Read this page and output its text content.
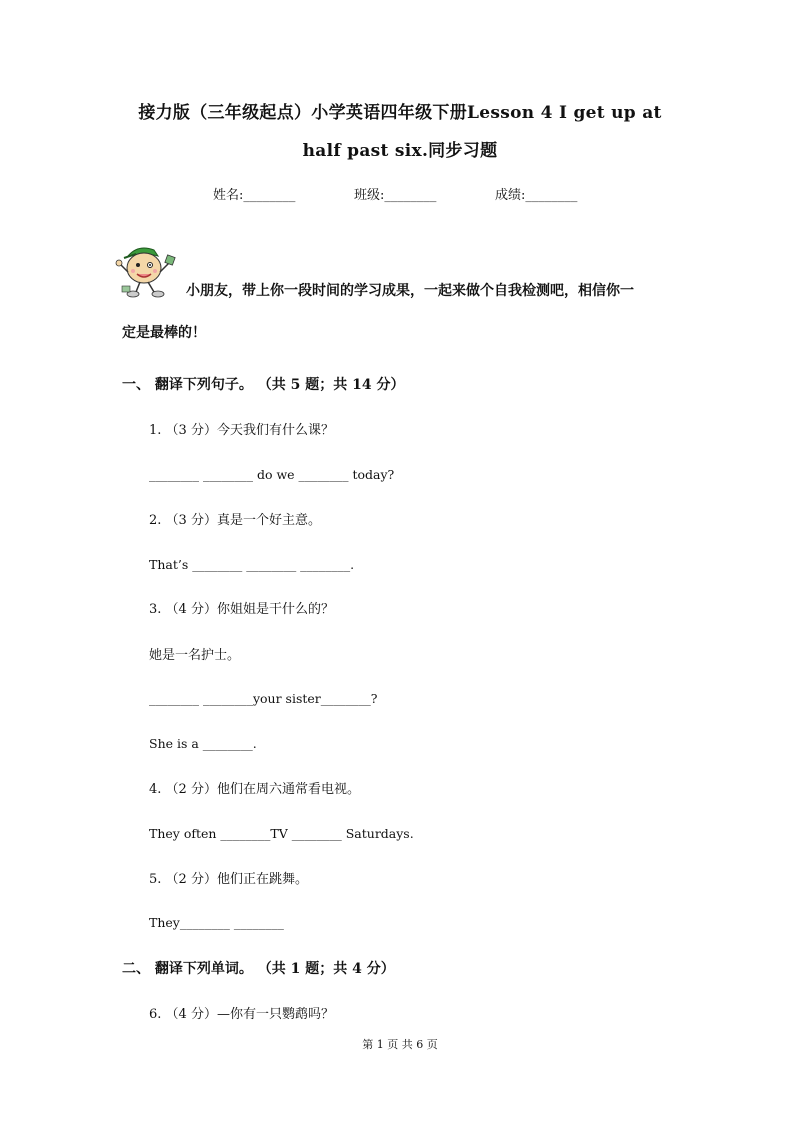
接力版（三年级起点）小学英语四年级下册Lesson 4 I get up at
half past six.同步习题
姓名:________	班级:________	成绩:________
小朋友，带上你一段时间的学习成果，一起来做个自我检测吧，相信你一
定是最棒的！
一、 翻译下列句子。 （共 5 题；共 14 分）
1. （3 分）今天我们有什么课？
________ ________ do we ________ today?
2. （3 分）真是一个好主意。
That’s ________ ________ ________.
3. （4 分）你姐姐是干什么的？
她是一名护士。
________ ________your sister________?
She is a ________.
4. （2 分）他们在周六通常看电视。
They often ________TV ________ Saturdays.
5. （2 分）他们正在跳舞。
They________ ________
二、 翻译下列单词。 （共 1 题；共 4 分）
6. （4 分）—你有一只鹦鹉吗？
第 1 页 共 6 页
